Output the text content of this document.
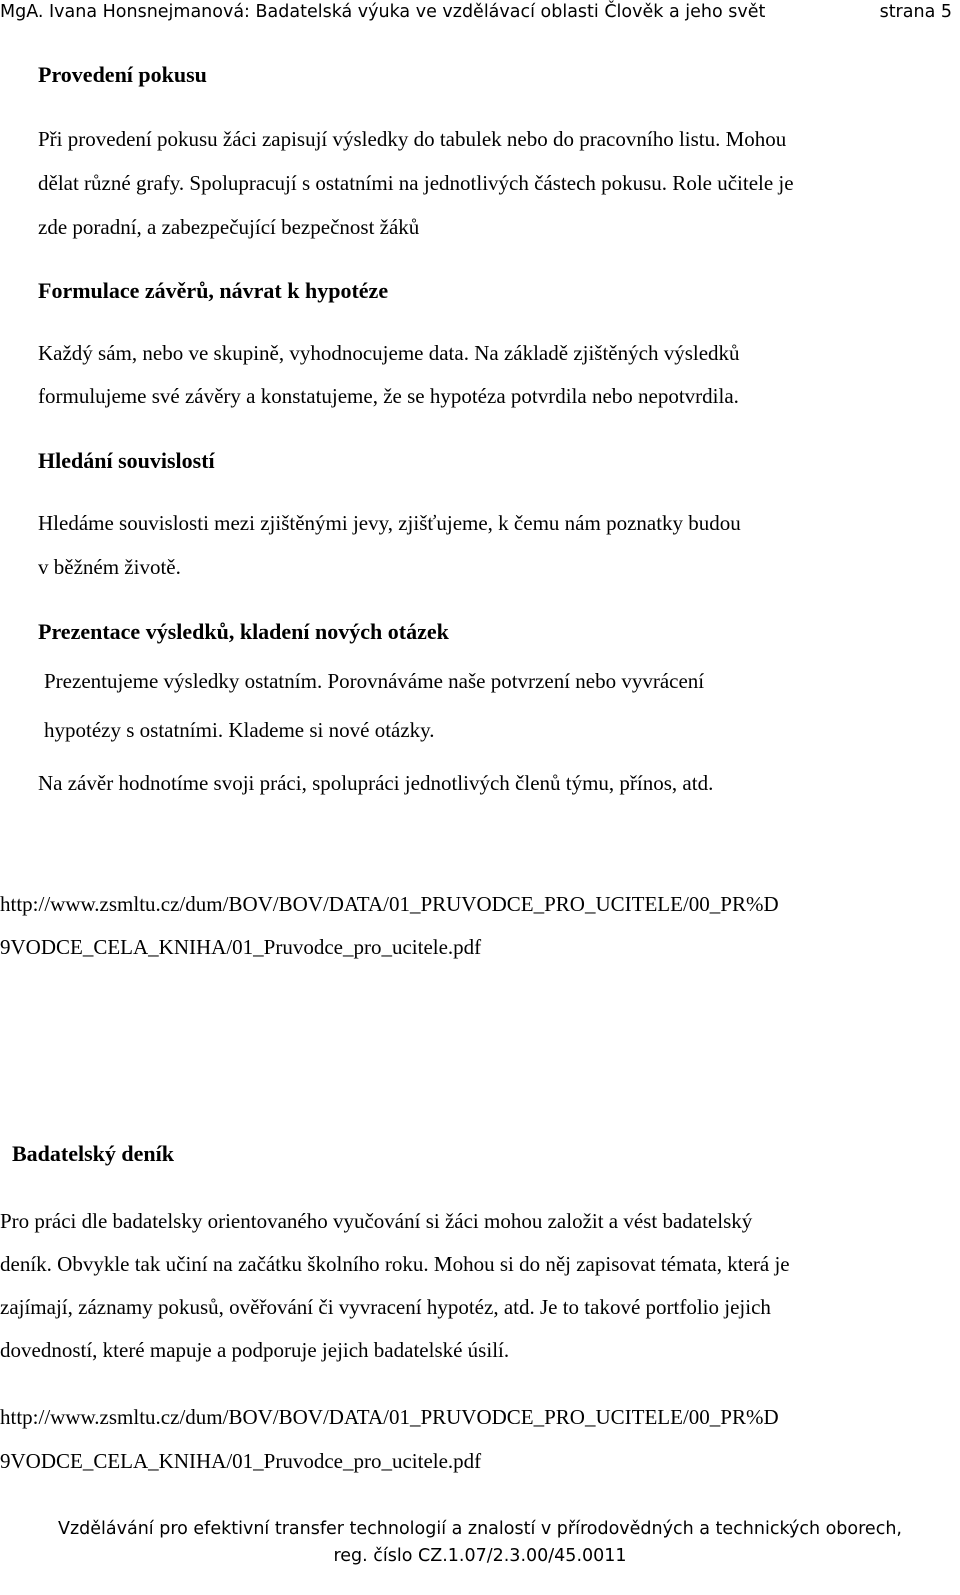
MgA. Ivana Honsnejmanová: Badatelská výuka ve vzdělávací oblasti Člověk a jeho svět	strana 5
Provedení pokusu
Při provedení pokusu žáci zapisují výsledky do tabulek nebo do pracovního listu. Mohou
dělat různé grafy. Spolupracují s ostatními na jednotlivých částech pokusu. Role učitele je
zde poradní, a zabezpečující bezpečnost žáků
Formulace závěrů, návrat k hypotéze
Každý sám, nebo ve skupině, vyhodnocujeme data. Na základě zjištěných výsledků
formulujeme své závěry a konstatujeme, že se hypotéza potvrdila nebo nepotvrdila.
Hledání souvislostí
Hledáme souvislosti mezi zjištěnými jevy, zjišťujeme, k čemu nám poznatky budou
v běžném životě.
Prezentace výsledků, kladení nových otázek
Prezentujeme výsledky ostatním. Porovnáváme naše potvrzení nebo vyvrácení
hypotézy s ostatními. Klademe si nové otázky.
Na závěr hodnotíme svoji práci, spolupráci jednotlivých členů týmu, přínos, atd.
http://www.zsmltu.cz/dum/BOV/BOV/DATA/01_PRUVODCE_PRO_UCITELE/00_PR%D
9VODCE_CELA_KNIHA/01_Pruvodce_pro_ucitele.pdf
Badatelský deník
Pro práci dle badatelsky orientovaného vyučování si žáci mohou založit a vést badatelský
deník. Obvykle tak učiní na začátku školního roku. Mohou si do něj zapisovat témata, která je
zajímají, záznamy pokusů, ověřování či vyvracení hypotéz, atd. Je to takové portfolio jejich
dovedností, které mapuje a podporuje jejich badatelské úsilí.
http://www.zsmltu.cz/dum/BOV/BOV/DATA/01_PRUVODCE_PRO_UCITELE/00_PR%D
9VODCE_CELA_KNIHA/01_Pruvodce_pro_ucitele.pdf
Vzdělávání pro efektivní transfer technologií a znalostí v přírodovědných a technických oborech,
reg. číslo CZ.1.07/2.3.00/45.0011
